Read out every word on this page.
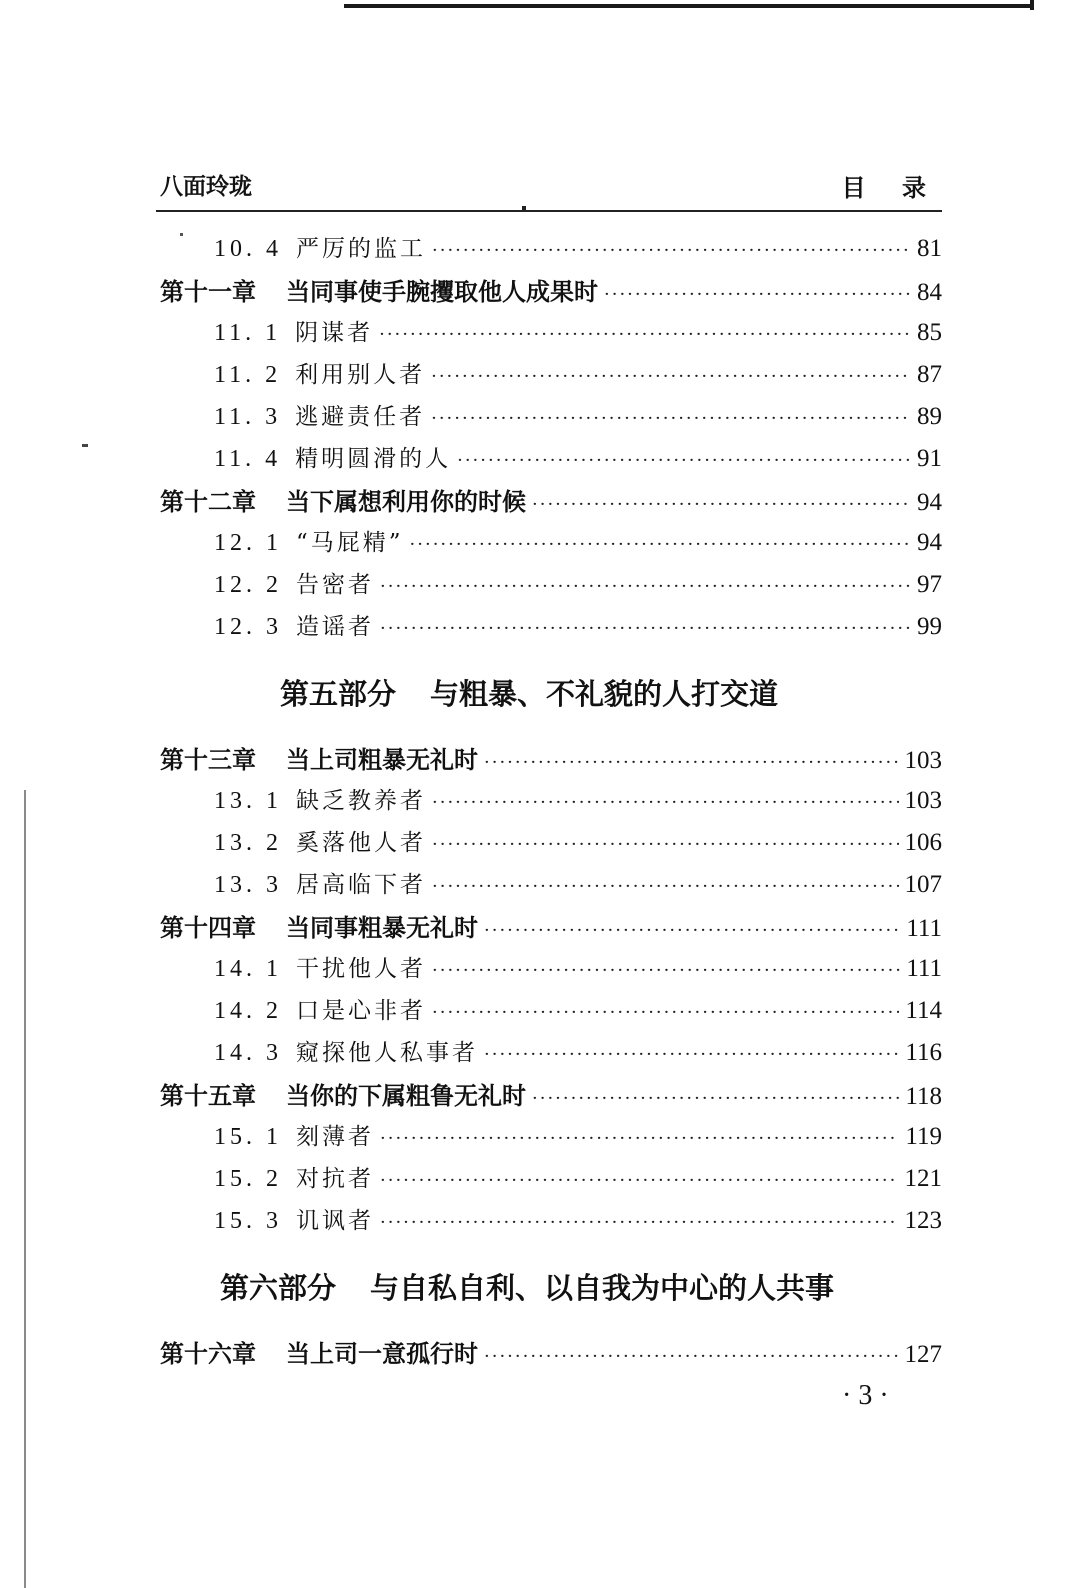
八面玲珑	目 录
10. 4 严厉的监工 ·····	81
第十一章 当同事使手腕攫取他人成果时 ·····	84
11. 1 阴谋者 ·····	85
11. 2 利用别人者 ·····	87
11. 3 逃避责任者 ·····	89
11. 4 精明圆滑的人 ·····	91
第十二章 当下属想利用你的时候 ·····	94
12. 1 “马屁精” ·····	94
12. 2 告密者 ·····	97
12. 3 造谣者 ·····	99
第五部分 与粗暴、不礼貌的人打交道
第十三章 当上司粗暴无礼时 ·····	103
13. 1 缺乏教养者 ·····	103
13. 2 奚落他人者 ·····	106
13. 3 居高临下者 ·····	107
第十四章 当同事粗暴无礼时 ·····	111
14. 1 干扰他人者 ·····	111
14. 2 口是心非者 ·····	114
14. 3 窥探他人私事者 ·····	116
第十五章 当你的下属粗鲁无礼时 ·····	118
15. 1 刻薄者 ·····	119
15. 2 对抗者 ·····	121
15. 3 讥讽者 ·····	123
第六部分 与自私自利、以自我为中心的人共事
第十六章 当上司一意孤行时 ·····	127
· 3 ·
